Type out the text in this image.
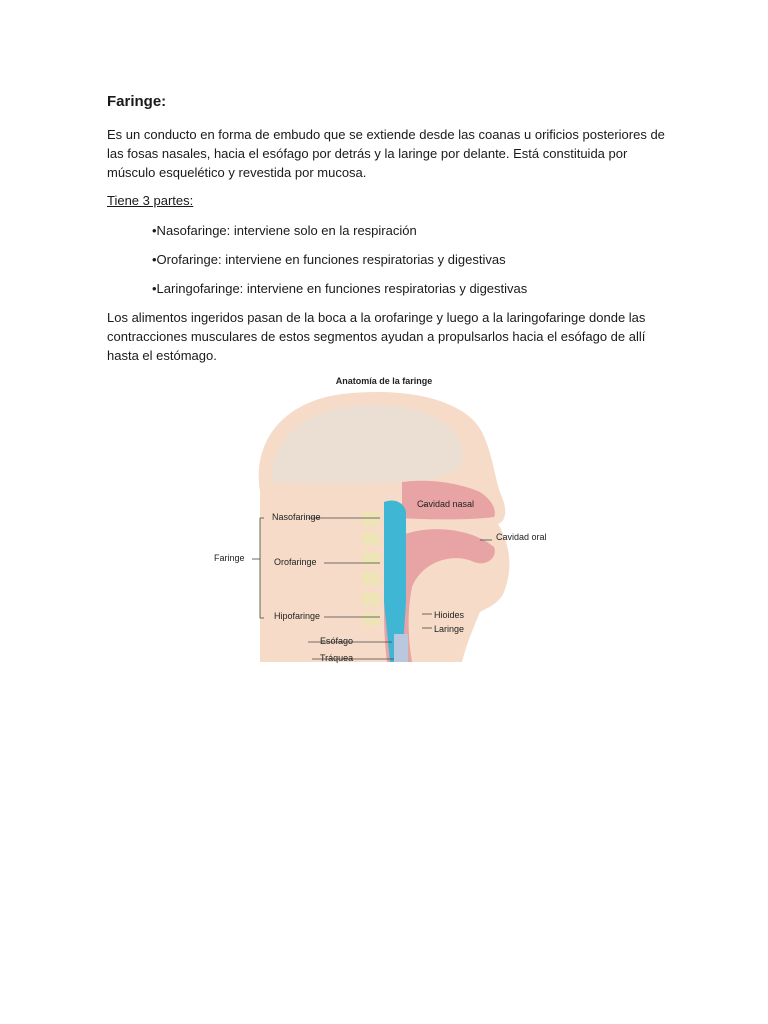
Faringe:

Es un conducto en forma de embudo que se extiende desde las coanas u orificios posteriores de las fosas nasales, hacia el esófago por detrás y la laringe por delante. Está constituida por músculo esquelético y revestida por mucosa.

Tiene 3 partes:

•Nasofaringe: interviene solo en la respiración
•Orofaringe: interviene en funciones respiratorias y digestivas
•Laringofaringe: interviene en funciones respiratorias y digestivas

Los alimentos ingeridos pasan de la boca a la orofaringe y luego a la laringofaringe donde las contracciones musculares de estos segmentos ayudan a propulsarlos hacia el esófago de allí hasta el estómago.

Anatomía de la faringe
Faringe
Nasofaringe
Orofaringe
Hipofaringe
Esófago
Tráquea
Cavidad nasal
Cavidad oral
Hioides
Laringe
